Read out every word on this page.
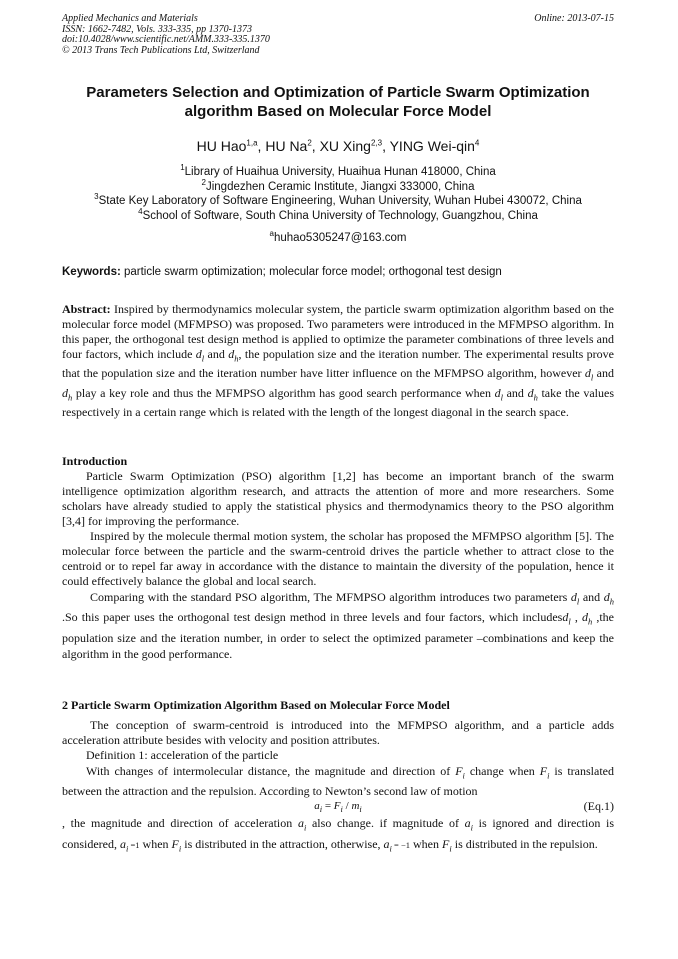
Applied Mechanics and Materials
ISSN: 1662-7482, Vols. 333-335, pp 1370-1373
doi:10.4028/www.scientific.net/AMM.333-335.1370
© 2013 Trans Tech Publications Ltd, Switzerland
Online: 2013-07-15
Parameters Selection and Optimization of Particle Swarm Optimization
algorithm Based on Molecular Force Model
HU Hao$^{1,a}$, HU Na$^2$, XU Xing$^{2,3}$, YING Wei-qin$^4$
$^1$Library of Huaihua University, Huaihua Hunan 418000, China
$^2$Jingdezhen Ceramic Institute, Jiangxi 333000, China
$^3$State Key Laboratory of Software Engineering, Wuhan University, Wuhan Hubei 430072, China
$^4$School of Software, South China University of Technology, Guangzhou, China
$^a$huhao5305247@163.com
Keywords: particle swarm optimization; molecular force model; orthogonal test design

Abstract: Inspired by thermodynamics molecular system, the particle swarm optimization algorithm based on the molecular force model (MFMPSO) was proposed. Two parameters were introduced in the MFMPSO algorithm. In this paper, the orthogonal test design method is applied to optimize the parameter combinations of three levels and four factors, which include $d_l$ and $d_h$, the population size and the iteration number. The experimental results prove that the population size and the iteration number have litter influence on the MFMPSO algorithm, however $d_l$ and $d_h$ play a key role and thus the MFMPSO algorithm has good search performance when $d_l$ and $d_h$ take the values respectively in a certain range which is related with the length of the longest diagonal in the search space.

Introduction

Particle Swarm Optimization (PSO) algorithm [1,2] has become an important branch of the swarm intelligence optimization algorithm research, and attracts the attention of more and more researchers. Some scholars have already studied to apply the statistical physics and thermodynamics theory to the PSO algorithm [3,4] for improving the performance.

Inspired by the molecule thermal motion system, the scholar has proposed the MFMPSO algorithm [5]. The molecular force between the particle and the swarm-centroid drives the particle whether to attract close to the centroid or to repel far away in accordance with the distance to maintain the diversity of the population, hence it could effectively balance the global and local search.

Comparing with the standard PSO algorithm, The MFMPSO algorithm introduces two parameters $d_l$ and $d_h$ .So this paper uses the orthogonal test design method in three levels and four factors, which includesd$_l$ , $d_h$ ,the population size and the iteration number, in order to select the optimized parameter –combinations and keep the algorithm in the good performance.

2 Particle Swarm Optimization Algorithm Based on Molecular Force Model

The conception of swarm-centroid is introduced into the MFMPSO algorithm, and a particle adds acceleration attribute besides with velocity and position attributes.

Definition 1: acceleration of the particle

With changes of intermolecular distance, the magnitude and direction of $F_i$ change when $F_i$ is translated between the attraction and the repulsion. According to Newton’s second law of motion

$a_i = F_i / m_i$	(Eq.1)

, the magnitude and direction of acceleration $a_i$ also change. if magnitude of $a_i$ is ignored and direction is considered, $a_i =1$ when $F_i$ is distributed in the attraction, otherwise, $a_i = -1$ when $F_i$ is distributed in the repulsion.
